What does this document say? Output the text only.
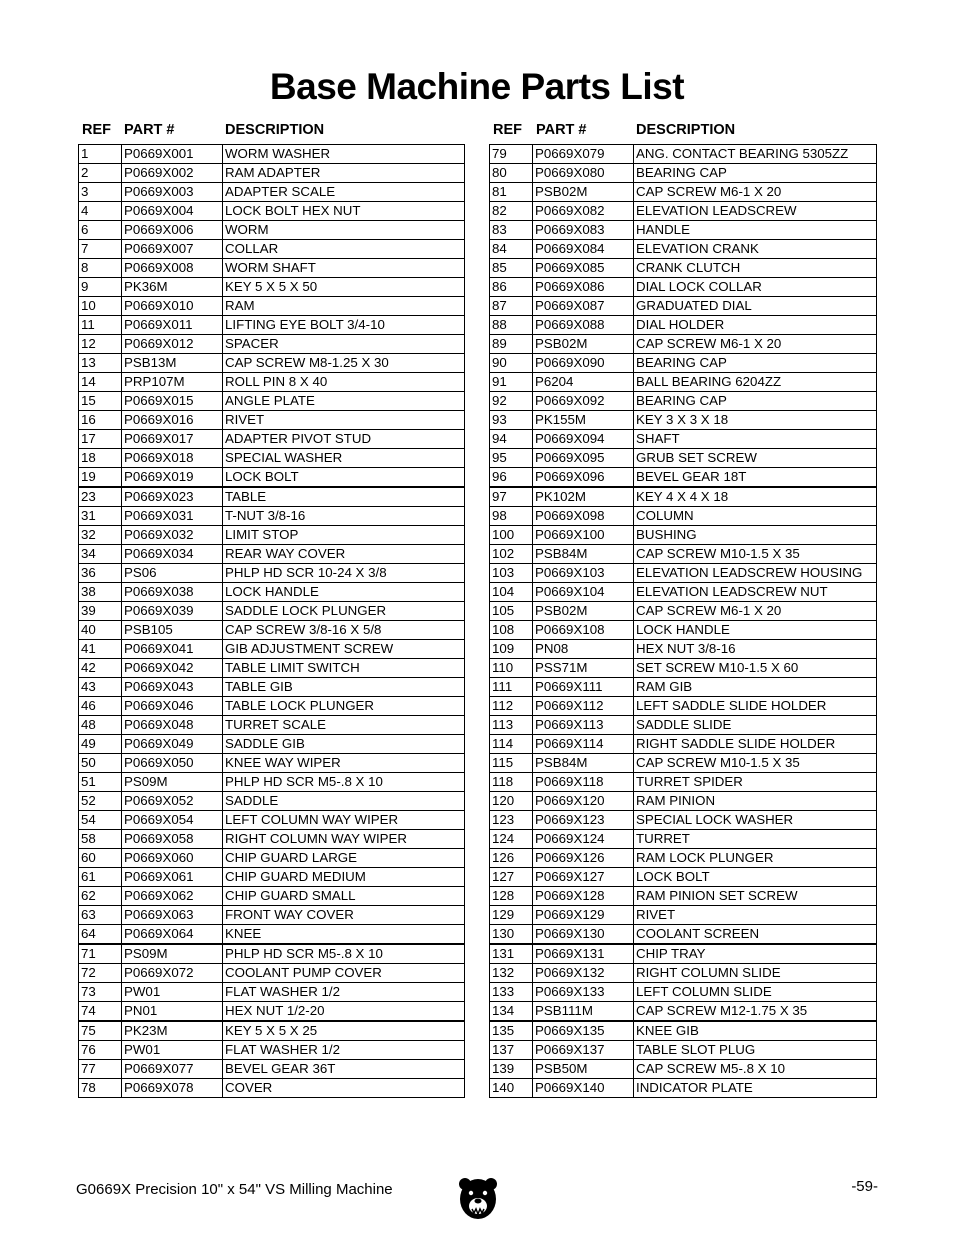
Base Machine Parts List
REF PART #	DESCRIPTION
1	P0669X001	WORM WASHER
2	P0669X002	RAM ADAPTER
3	P0669X003	ADAPTER SCALE
4	P0669X004	LOCK BOLT HEX NUT
6	P0669X006	WORM
7	P0669X007	COLLAR
8	P0669X008	WORM SHAFT
9	PK36M	KEY 5 X 5 X 50
10	P0669X010	RAM
11	P0669X011	LIFTING EYE BOLT 3/4-10
12	P0669X012	SPACER
13	PSB13M	CAP SCREW M8-1.25 X 30
14	PRP107M	ROLL PIN 8 X 40
15	P0669X015	ANGLE PLATE
16	P0669X016	RIVET
17	P0669X017	ADAPTER PIVOT STUD
18	P0669X018	SPECIAL WASHER
19	P0669X019	LOCK BOLT
23	P0669X023	TABLE
31	P0669X031	T-NUT 3/8-16
32	P0669X032	LIMIT STOP
34	P0669X034	REAR WAY COVER
36	PS06	PHLP HD SCR 10-24 X 3/8
38	P0669X038	LOCK HANDLE
39	P0669X039	SADDLE LOCK PLUNGER
40	PSB105	CAP SCREW 3/8-16 X 5/8
41	P0669X041	GIB ADJUSTMENT SCREW
42	P0669X042	TABLE LIMIT SWITCH
43	P0669X043	TABLE GIB
46	P0669X046	TABLE LOCK PLUNGER
48	P0669X048	TURRET SCALE
49	P0669X049	SADDLE GIB
50	P0669X050	KNEE WAY WIPER
51	PS09M	PHLP HD SCR M5-.8 X 10
52	P0669X052	SADDLE
54	P0669X054	LEFT COLUMN WAY WIPER
58	P0669X058	RIGHT COLUMN WAY WIPER
60	P0669X060	CHIP GUARD LARGE
61	P0669X061	CHIP GUARD MEDIUM
62	P0669X062	CHIP GUARD SMALL
63	P0669X063	FRONT WAY COVER
64	P0669X064	KNEE
71	PS09M	PHLP HD SCR M5-.8 X 10
72	P0669X072	COOLANT PUMP COVER
73	PW01	FLAT WASHER 1/2
74	PN01	HEX NUT 1/2-20
75	PK23M	KEY 5 X 5 X 25
76	PW01	FLAT WASHER 1/2
77	P0669X077	BEVEL GEAR 36T
78	P0669X078	COVER
REF PART #	DESCRIPTION
79	P0669X079	ANG. CONTACT BEARING 5305ZZ
80	P0669X080	BEARING CAP
81	PSB02M	CAP SCREW M6-1 X 20
82	P0669X082	ELEVATION LEADSCREW
83	P0669X083	HANDLE
84	P0669X084	ELEVATION CRANK
85	P0669X085	CRANK CLUTCH
86	P0669X086	DIAL LOCK COLLAR
87	P0669X087	GRADUATED DIAL
88	P0669X088	DIAL HOLDER
89	PSB02M	CAP SCREW M6-1 X 20
90	P0669X090	BEARING CAP
91	P6204	BALL BEARING 6204ZZ
92	P0669X092	BEARING CAP
93	PK155M	KEY 3 X 3 X 18
94	P0669X094	SHAFT
95	P0669X095	GRUB SET SCREW
96	P0669X096	BEVEL GEAR 18T
97	PK102M	KEY 4 X 4 X 18
98	P0669X098	COLUMN
100	P0669X100	BUSHING
102	PSB84M	CAP SCREW M10-1.5 X 35
103	P0669X103	ELEVATION LEADSCREW HOUSING
104	P0669X104	ELEVATION LEADSCREW NUT
105	PSB02M	CAP SCREW M6-1 X 20
108	P0669X108	LOCK HANDLE
109	PN08	HEX NUT 3/8-16
110	PSS71M	SET SCREW M10-1.5 X 60
111	P0669X111	RAM GIB
112	P0669X112	LEFT SADDLE SLIDE HOLDER
113	P0669X113	SADDLE SLIDE
114	P0669X114	RIGHT SADDLE SLIDE HOLDER
115	PSB84M	CAP SCREW M10-1.5 X 35
118	P0669X118	TURRET SPIDER
120	P0669X120	RAM PINION
123	P0669X123	SPECIAL LOCK WASHER
124	P0669X124	TURRET
126	P0669X126	RAM LOCK PLUNGER
127	P0669X127	LOCK BOLT
128	P0669X128	RAM PINION SET SCREW
129	P0669X129	RIVET
130	P0669X130	COOLANT SCREEN
131	P0669X131	CHIP TRAY
132	P0669X132	RIGHT COLUMN SLIDE
133	P0669X133	LEFT COLUMN SLIDE
134	PSB111M	CAP SCREW M12-1.75 X 35
135	P0669X135	KNEE GIB
137	P0669X137	TABLE SLOT PLUG
139	PSB50M	CAP SCREW M5-.8 X 10
140	P0669X140	INDICATOR PLATE
G0669X Precision 10" x 54" VS Milling Machine	-59-
